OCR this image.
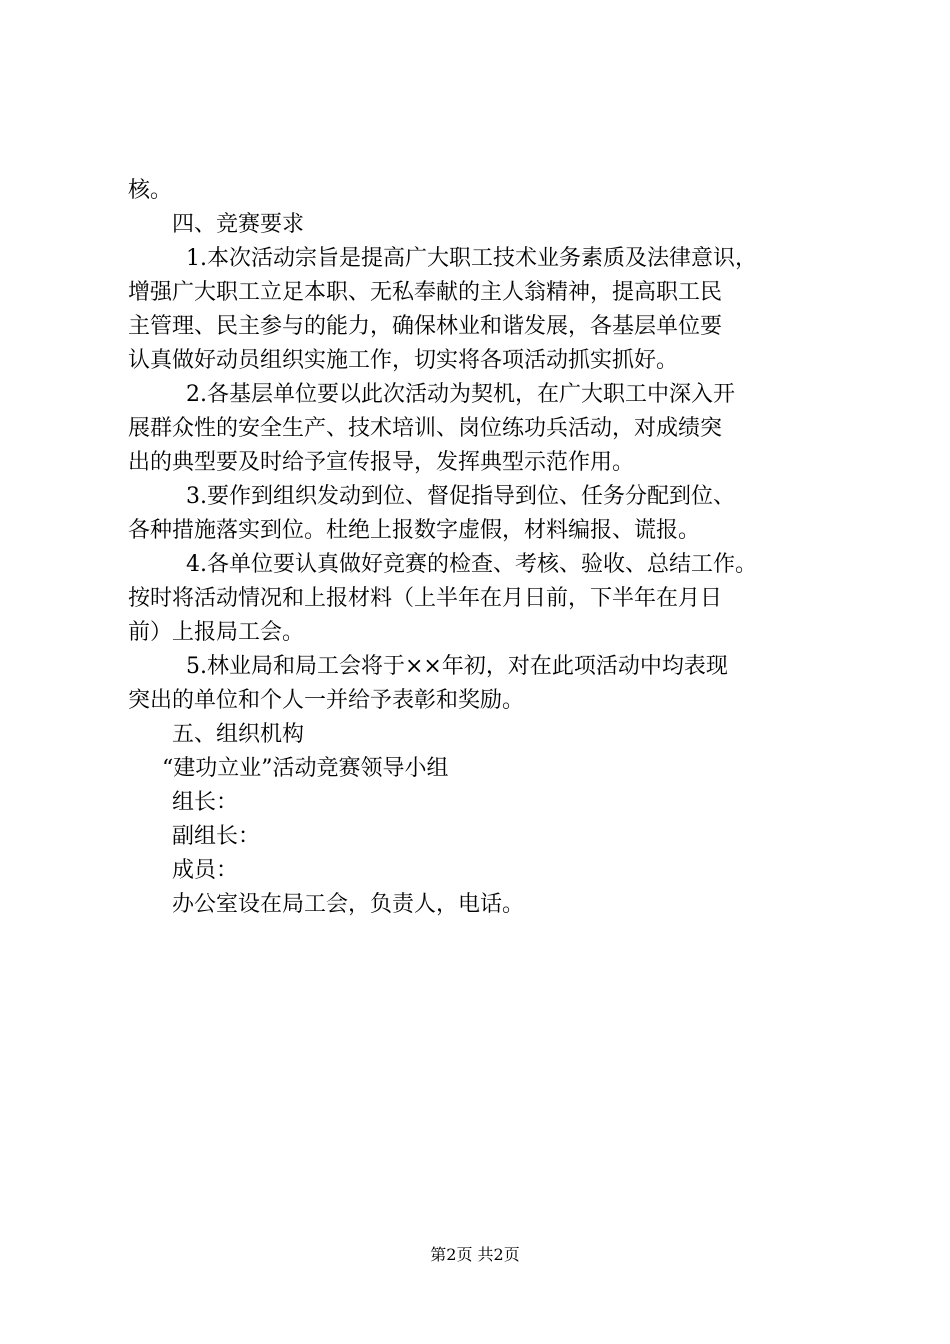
核。
四、竞赛要求
1.本次活动宗旨是提高广大职工技术业务素质及法律意识，
增强广大职工立足本职、无私奉献的主人翁精神，提高职工民
主管理、民主参与的能力，确保林业和谐发展，各基层单位要
认真做好动员组织实施工作，切实将各项活动抓实抓好。
2.各基层单位要以此次活动为契机，在广大职工中深入开
展群众性的安全生产、技术培训、岗位练功兵活动，对成绩突
出的典型要及时给予宣传报导，发挥典型示范作用。
3.要作到组织发动到位、督促指导到位、任务分配到位、
各种措施落实到位。杜绝上报数字虚假，材料编报、谎报。
4.各单位要认真做好竞赛的检查、考核、验收、总结工作。
按时将活动情况和上报材料（上半年在月日前，下半年在月日
前）上报局工会。
5.林业局和局工会将于××年初，对在此项活动中均表现
突出的单位和个人一并给予表彰和奖励。
五、组织机构
“建功立业”活动竞赛领导小组
组长：
副组长：
成员：
办公室设在局工会，负责人，电话。
第2页 共2页
